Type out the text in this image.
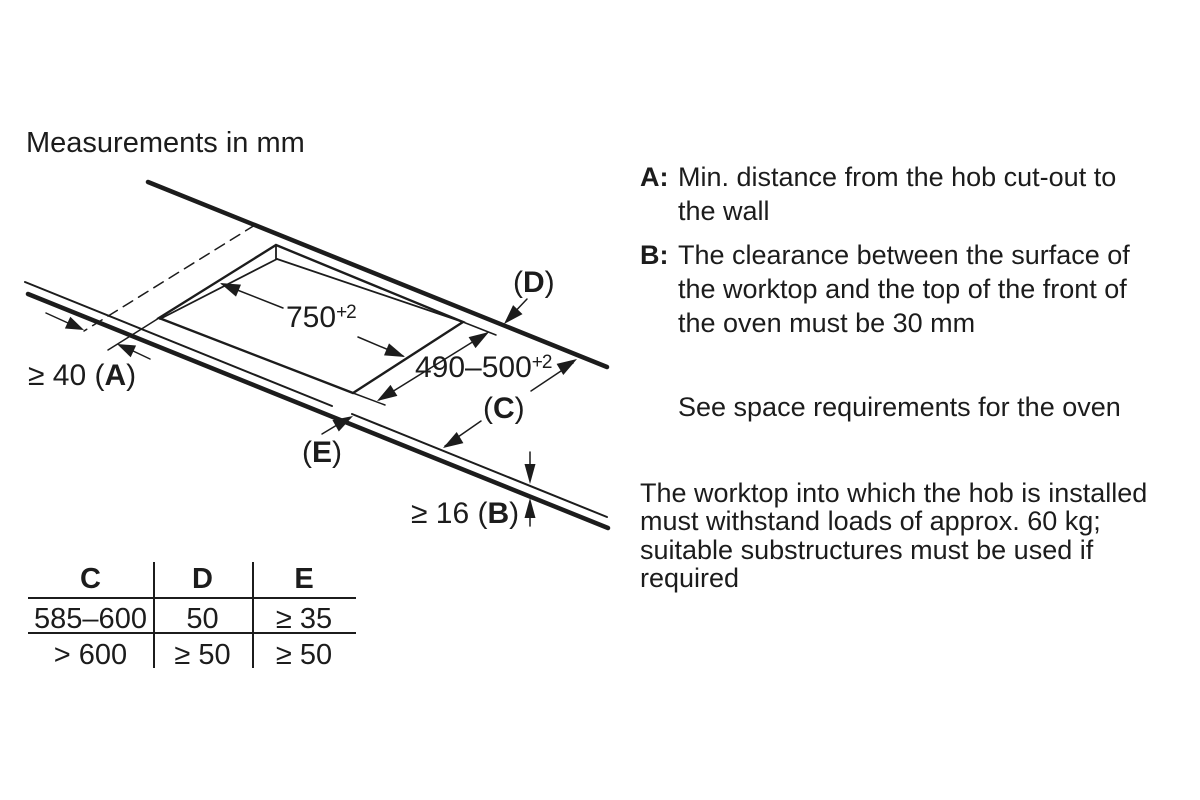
Measurements in mm
750+2
490–500+2
≥ 40 (A)
≥ 16 (B)
(C)
(D)
(E)
C	D	E
585–600	50	≥ 35
> 600	≥ 50	≥ 50
A: Min. distance from the hob cut-out to
the wall
B: The clearance between the surface of
the worktop and the top of the front of
the oven must be 30 mm
See space requirements for the oven
The worktop into which the hob is installed
must withstand loads of approx. 60 kg;
suitable substructures must be used if
required
